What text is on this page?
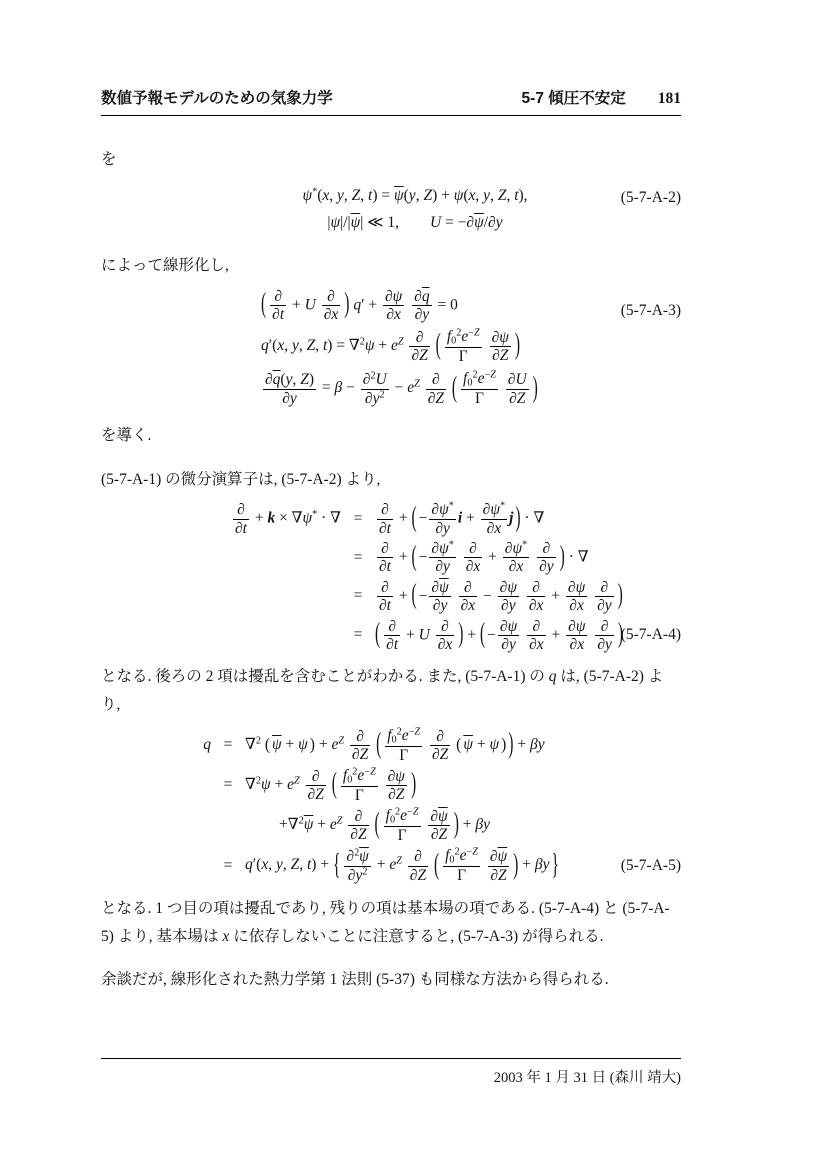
数値予報モデルのための気象力学	5-7 傾圧不安定 181
を
ψ*(x, y, Z, $t) = \overline{\psi}(y$, Z) + ψ(x, y, Z, t),
$|\psi|/|\overline{\psi}|$ ≪ 1,  $U = -\partial\overline{\psi}/\partial y$
(5-7-A-2)
によって線形化し,
( $\frac{\partial}{\partial t} + U \frac{\partial}{\partial x}$ ) $q' + \frac{\partial\psi}{\partial x}$
$\frac{\partial\overline{q}}{\partial y} = 0$
q′(x, y, Z, $t) = \nabla^2\psi + e^Z \frac{\partial}{\partial Z}$
( $\frac{f_0^2e^{-Z}}{\Gamma}$
$\frac{\partial\psi}{\partial Z}$ )
$\frac{\partial\overline{q}(y, Z)}{\partial y} = \beta - \frac{\partial^2U}{\partial y^2} - e^Z \frac{\partial}{\partial Z}$
( $\frac{f_0^2e^{-Z}}{\Gamma}$
$\frac{\partial U}{\partial Z}$ )
(5-7-A-3)
を導く.
(5-7-A-1) の微分演算子は, (5-7-A-2) より,
$\frac{\partial}{\partial t} + k \times \nabla\psi^*$ · ∇ = $\frac{\partial}{\partial t}$ + ( − $\frac{\partial\psi^*}{\partial y}$ $i + \frac{\partial\psi^*}{\partial x}$ j ) · ∇
= $\frac{\partial}{\partial t}$ + ( − $\frac{\partial\psi^*}{\partial y}$
$\frac{\partial}{\partial x} + \frac{\partial\psi^*}{\partial x}$
$\frac{\partial}{\partial y}$ ) · ∇
= $\frac{\partial}{\partial t}$ + ( − $\frac{\partial\overline{\psi}}{\partial y}$
$\frac{\partial}{\partial x} - \frac{\partial\psi}{\partial y}$
$\frac{\partial}{\partial x} + \frac{\partial\psi}{\partial x}$
$\frac{\partial}{\partial y}$ )
= ( $\frac{\partial}{\partial t} + U \frac{\partial}{\partial x}$ ) + ( − $\frac{\partial\psi}{\partial y}$
$\frac{\partial}{\partial x} + \frac{\partial\psi}{\partial x}$
$\frac{\partial}{\partial y}$ )
(5-7-A-4)
となる. 後ろの 2 項は擾乱を含むことがわかる. また, (5-7-A-1) の q は, (5-7-A-2) より,
q = ∇$^2$ ( $\overline{\psi} + \psi$ ) + $e^Z \frac{\partial}{\partial Z}$
( $\frac{f_0^2e^{-Z}}{\Gamma}$
$\frac{\partial}{\partial Z}$
( $\overline{\psi} + \psi$ ) ) + βy
= $\nabla^2\psi + e^Z \frac{\partial}{\partial Z}$
( $\frac{f_0^2e^{-Z}}{\Gamma}$
$\frac{\partial\psi}{\partial Z}$ )
$+\nabla^2\overline{\psi} + e^Z \frac{\partial}{\partial Z}$
( $\frac{f_0^2e^{-Z}}{\Gamma}$
$\frac{\partial\overline{\psi}}{\partial Z}$ ) + βy
= q′(x, y, Z, t) + { $\frac{\partial^2\overline{\psi}}{\partial y^2} + e^Z \frac{\partial}{\partial Z}$
( $\frac{f_0^2e^{-Z}}{\Gamma}$
$\frac{\partial\overline{\psi}}{\partial Z}$ ) + βy }	(5-7-A-5)
となる. 1 つ目の項は擾乱であり, 残りの項は基本場の項である. (5-7-A-4) と (5-7-A-5) より, 基本場は x に依存しないことに注意すると, (5-7-A-3) が得られる.
余談だが, 線形化された熱力学第 1 法則 (5-37) も同様な方法から得られる.
2003 年 1 月 31 日 (森川 靖大)
